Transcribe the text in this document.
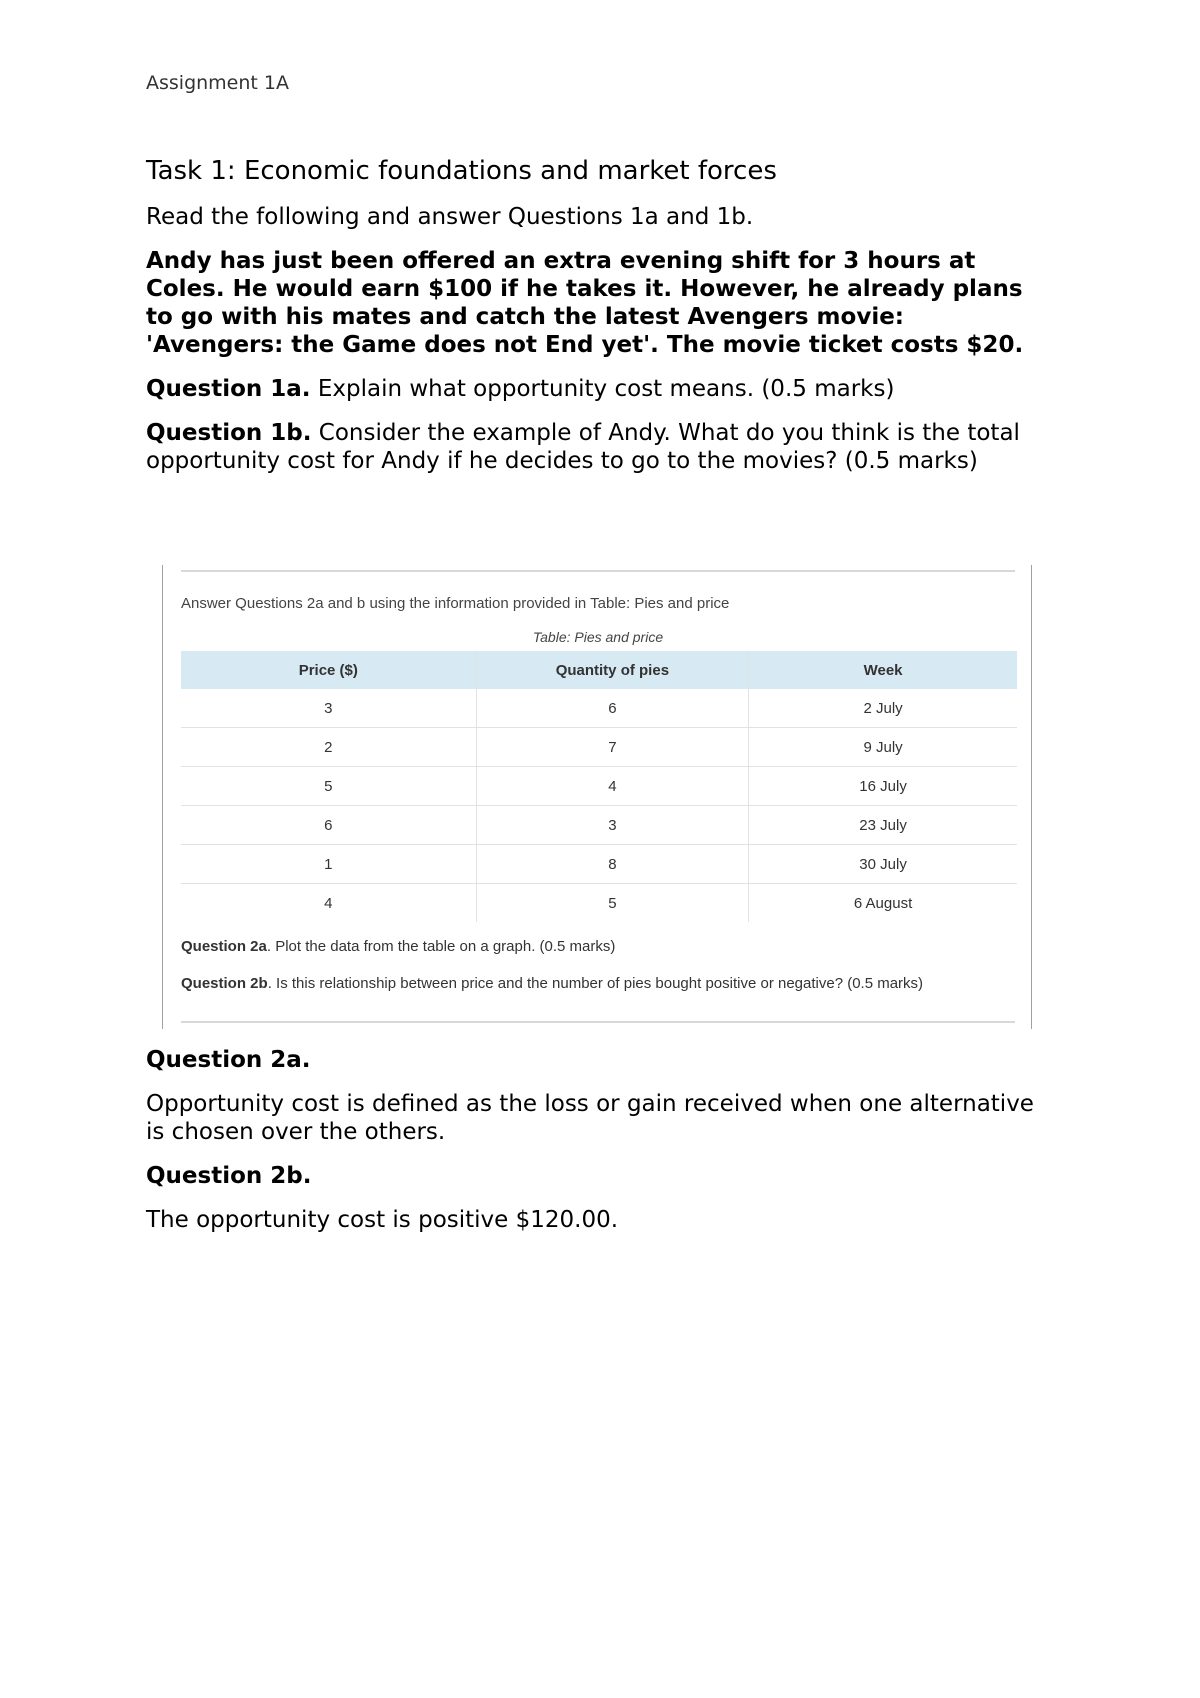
Assignment 1A
Task 1: Economic foundations and market forces

Read the following and answer Questions 1a and 1b.

Andy has just been offered an extra evening shift for 3 hours at Coles. He would earn $100 if he takes it. However, he already plans to go with his mates and catch the latest Avengers movie: 'Avengers: the Game does not End yet'. The movie ticket costs $20.

Question 1a. Explain what opportunity cost means. (0.5 marks)

Question 1b. Consider the example of Andy. What do you think is the total opportunity cost for Andy if he decides to go to the movies? (0.5 marks)

Answer Questions 2a and b using the information provided in Table: Pies and price
Table: Pies and price
Price ($)	Quantity of pies	Week
3	6	2 July
2	7	9 July
5	4	16 July
6	3	23 July
1	8	30 July
4	5	6 August
Question 2a. Plot the data from the table on a graph. (0.5 marks)
Question 2b. Is this relationship between price and the number of pies bought positive or negative? (0.5 marks)

Question 2a.

Opportunity cost is defined as the loss or gain received when one alternative is chosen over the others.

Question 2b.

The opportunity cost is positive $120.00.
